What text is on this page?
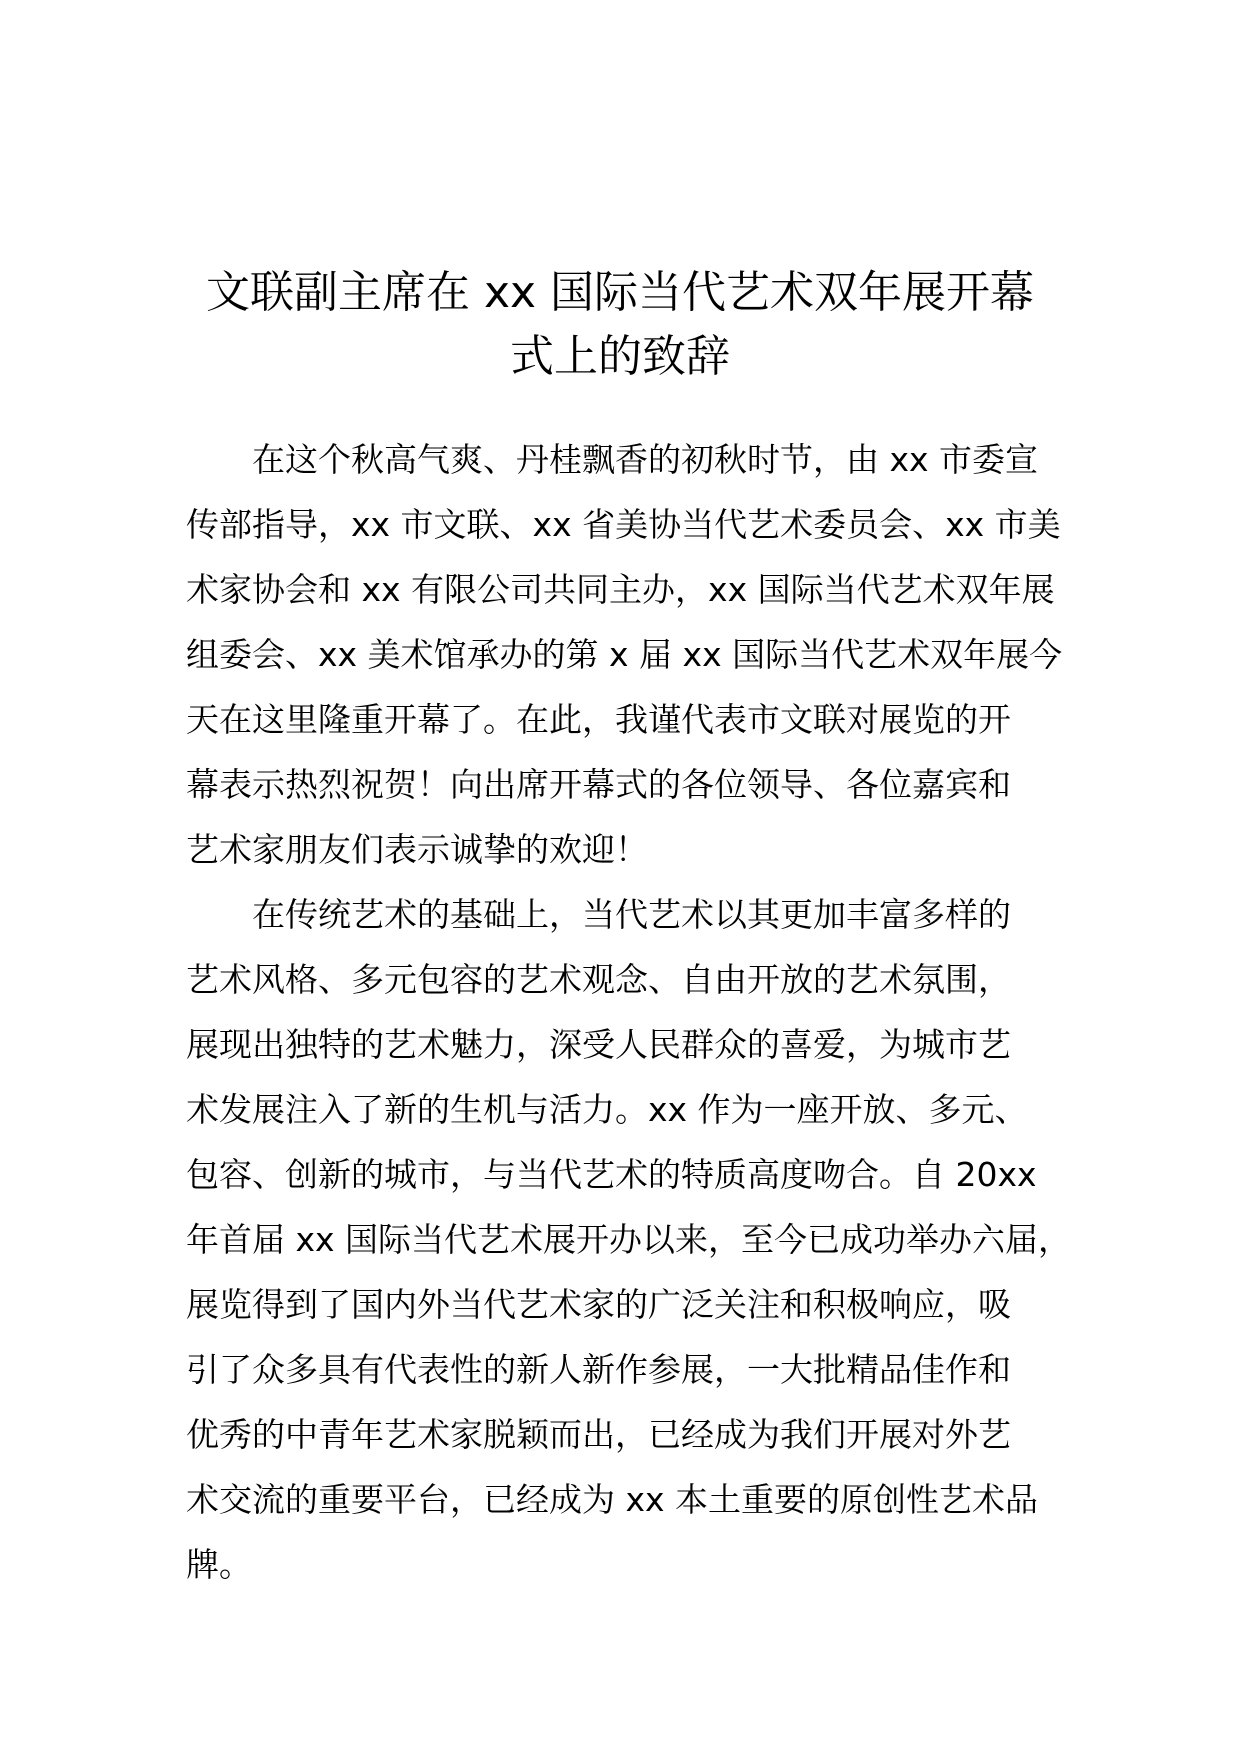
文联副主席在 xx 国际当代艺术双年展开幕
式上的致辞
在这个秋高气爽、丹桂飘香的初秋时节，由 xx 市委宣
传部指导，xx 市文联、xx 省美协当代艺术委员会、xx 市美
术家协会和 xx 有限公司共同主办，xx 国际当代艺术双年展
组委会、xx 美术馆承办的第 x 届 xx 国际当代艺术双年展今
天在这里隆重开幕了。在此，我谨代表市文联对展览的开
幕表示热烈祝贺！向出席开幕式的各位领导、各位嘉宾和
艺术家朋友们表示诚挚的欢迎！
在传统艺术的基础上，当代艺术以其更加丰富多样的
艺术风格、多元包容的艺术观念、自由开放的艺术氛围，
展现出独特的艺术魅力，深受人民群众的喜爱，为城市艺
术发展注入了新的生机与活力。xx 作为一座开放、多元、
包容、创新的城市，与当代艺术的特质高度吻合。自 20xx
年首届 xx 国际当代艺术展开办以来，至今已成功举办六届，
展览得到了国内外当代艺术家的广泛关注和积极响应，吸
引了众多具有代表性的新人新作参展，一大批精品佳作和
优秀的中青年艺术家脱颖而出，已经成为我们开展对外艺
术交流的重要平台，已经成为 xx 本土重要的原创性艺术品
牌。
